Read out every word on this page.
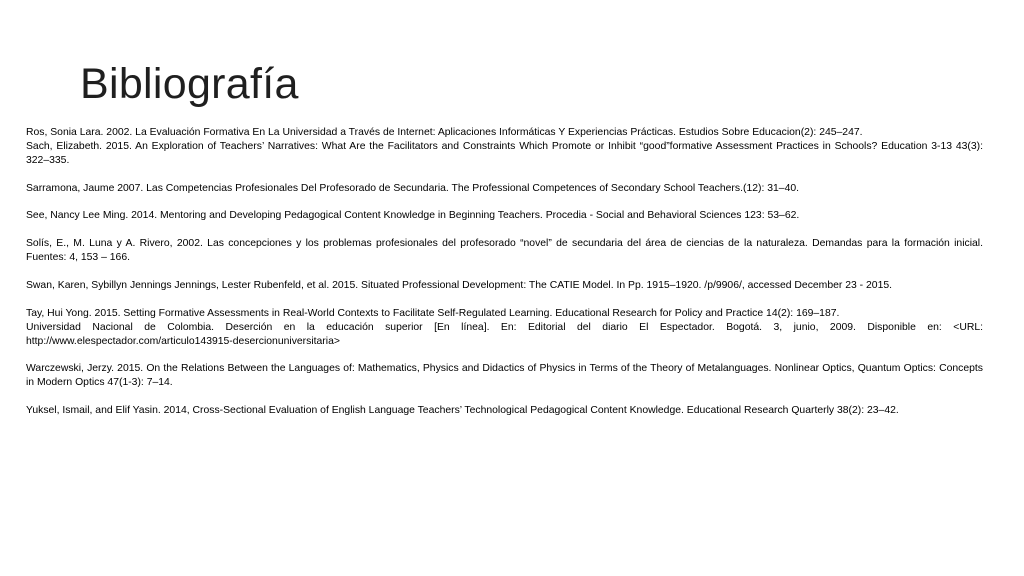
Bibliografía
Ros, Sonia Lara. 2002. La Evaluación Formativa En La Universidad a Través de Internet: Aplicaciones Informáticas Y Experiencias Prácticas. Estudios Sobre Educacion(2): 245–247.
Sach, Elizabeth. 2015. An Exploration of Teachers’ Narratives: What Are the Facilitators and Constraints Which Promote or Inhibit “good”formative Assessment Practices in Schools? Education 3-13 43(3): 322–335.
Sarramona, Jaume 2007. Las Competencias Profesionales Del Profesorado de Secundaria. The Professional Competences of Secondary School Teachers.(12): 31–40.
See, Nancy Lee Ming. 2014. Mentoring and Developing Pedagogical Content Knowledge in Beginning Teachers. Procedia - Social and Behavioral Sciences 123: 53–62.
Solís, E., M. Luna y A. Rivero, 2002. Las concepciones y los problemas profesionales del profesorado “novel” de secundaria del área de ciencias de la naturaleza. Demandas para la formación inicial. Fuentes: 4, 153 – 166.
Swan, Karen, Sybillyn Jennings Jennings, Lester Rubenfeld, et al. 2015. Situated Professional Development: The CATIE Model. In Pp. 1915–1920. /p/9906/, accessed December 23 - 2015.
Tay, Hui Yong. 2015. Setting Formative Assessments in Real-World Contexts to Facilitate Self-Regulated Learning. Educational Research for Policy and Practice 14(2): 169–187.
Universidad Nacional de Colombia. Deserción en la educación superior [En línea]. En: Editorial del diario El Espectador. Bogotá. 3, junio, 2009. Disponible en: <URL: http://www.elespectador.com/articulo143915-desercionuniversitaria>
Warczewski, Jerzy. 2015. On the Relations Between the Languages of: Mathematics, Physics and Didactics of Physics in Terms of the Theory of Metalanguages. Nonlinear Optics, Quantum Optics: Concepts in Modern Optics 47(1-3): 7–14.
Yuksel, Ismail, and Elif Yasin. 2014, Cross-Sectional Evaluation of English Language Teachers’ Technological Pedagogical Content Knowledge. Educational Research Quarterly 38(2): 23–42.
